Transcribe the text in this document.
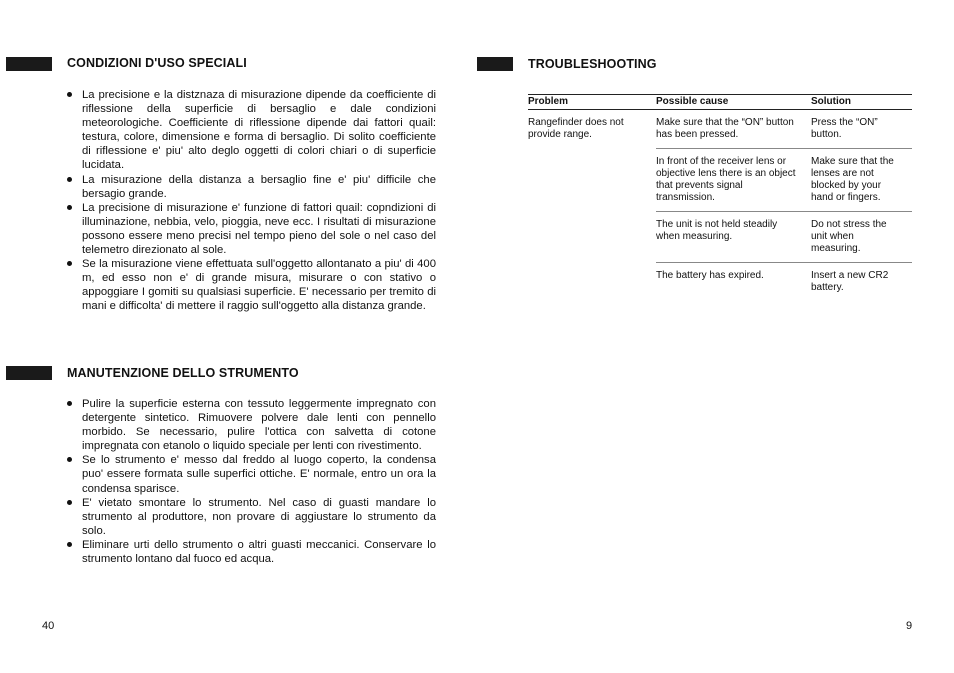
CONDIZIONI D'USO SPECIALI
La precisione e la distznaza di misurazione dipende da coefficiente di riflessione della superficie di bersaglio e dale condizioni meteorologiche. Coefficiente di riflessione dipende dai fattori quail: testura, colore, dimensione e forma di bersaglio. Di solito coefficiente di riflessione e' piu' alto deglo oggetti di colori chiari o di superficie lucidata.
La misurazione della distanza a bersaglio fine e' piu' difficile che bersagio grande.
La precisione di misurazione e' funzione di fattori quail: copndizioni di illuminazione, nebbia, velo, pioggia, neve ecc. I risultati di misurazione possono essere meno precisi nel tempo pieno del sole o nel caso del telemetro direzionato al sole.
Se la misurazione viene effettuata sull'oggetto allontanato a piu' di 400 m, ed esso non e' di grande misura, misurare o con stativo o appoggiare I gomiti su qualsiasi superficie. E' necessario per tremito di mani e difficolta' di mettere il raggio sull'oggetto alla distanza grande.
MANUTENZIONE DELLO STRUMENTO
Pulire la superficie esterna con tessuto leggermente impregnato con detergente sintetico. Rimuovere polvere dale lenti con pennello morbido. Se necessario, pulire l'ottica con salvetta di cotone impregnata con etanolo o liquido speciale per lenti con rivestimento.
Se lo strumento e' messo dal freddo al luogo coperto, la condensa puo' essere formata sulle superfici ottiche. E' normale, entro un ora la condensa sparisce.
E' vietato smontare lo strumento. Nel caso di guasti mandare lo strumento al produttore, non provare di aggiustare lo strumento da solo.
Eliminare urti dello strumento o altri guasti meccanici. Conservare lo strumento lontano dal fuoco ed acqua.
40
TROUBLESHOOTING
Problem	Possible cause	Solution
Rangefinder does not provide range.	Make sure that the “ON” button has been pressed.	Press the “ON” button.
	In front of the receiver lens or objective lens there is an object that prevents signal transmission.	Make sure that the lenses are not blocked by your hand or fingers.
	The unit is not held steadily when measuring.	Do not stress the unit when measuring.
	The battery has expired.	Insert a new CR2 battery.
9
